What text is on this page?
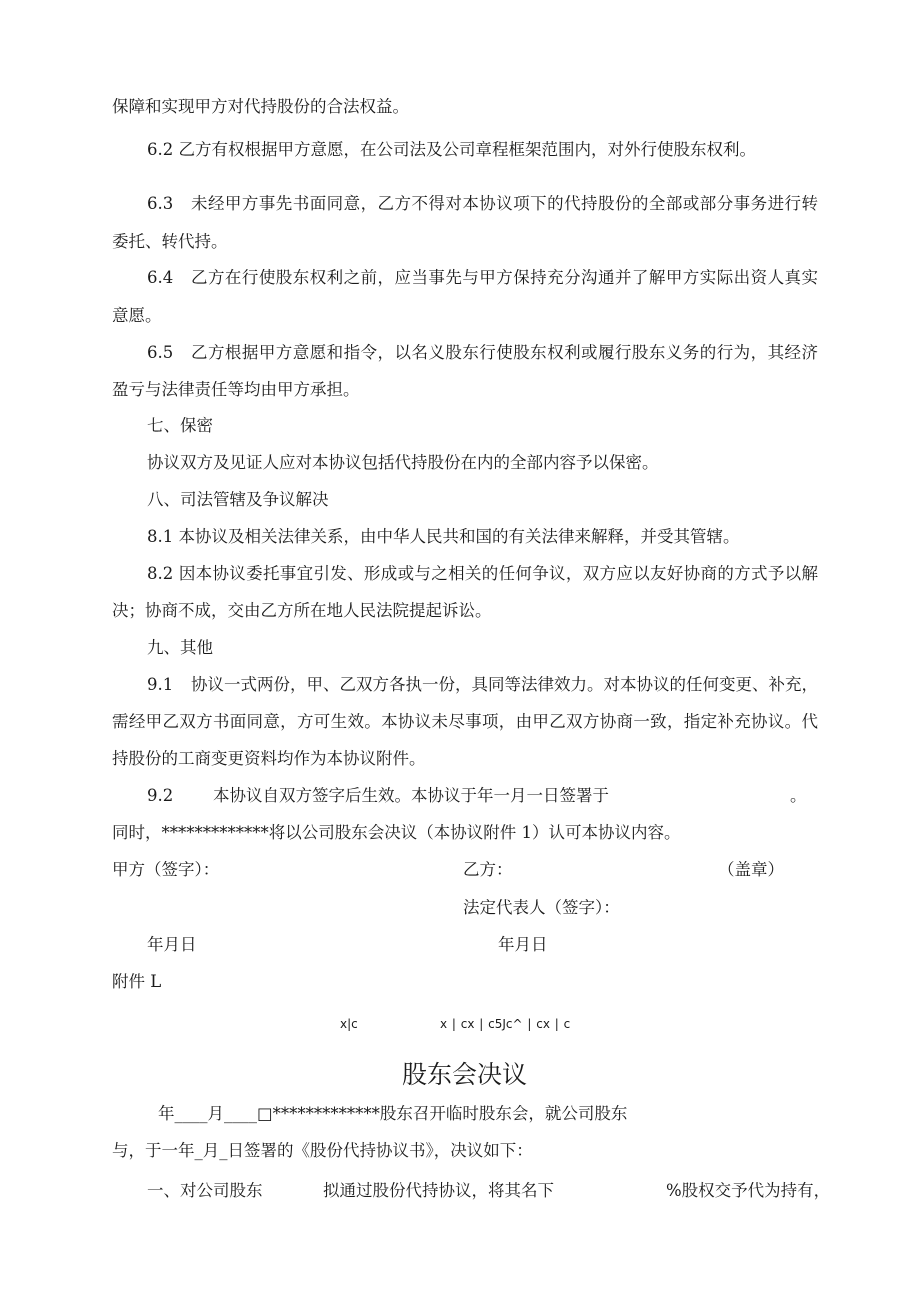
保障和实现甲方对代持股份的合法权益。
6.2 乙方有权根据甲方意愿，在公司法及公司章程框架范围内，对外行使股东权利。
6.3 未经甲方事先书面同意，乙方不得对本协议项下的代持股份的全部或部分事务进行转
委托、转代持。
6.4 乙方在行使股东权利之前，应当事先与甲方保持充分沟通并了解甲方实际出资人真实
意愿。
6.5 乙方根据甲方意愿和指令，以名义股东行使股东权利或履行股东义务的行为，其经济
盈亏与法律责任等均由甲方承担。
七、保密
协议双方及见证人应对本协议包括代持股份在内的全部内容予以保密。
八、司法管辖及争议解决
8.1 本协议及相关法律关系，由中华人民共和国的有关法律来解释，并受其管辖。
8.2 因本协议委托事宜引发、形成或与之相关的任何争议，双方应以友好协商的方式予以解
决；协商不成，交由乙方所在地人民法院提起诉讼。
九、其他
9.1 协议一式两份，甲、乙双方各执一份，具同等法律效力。对本协议的任何变更、补充，
需经甲乙双方书面同意，方可生效。本协议未尽事项，由甲乙双方协商一致，指定补充协议。代
持股份的工商变更资料均作为本协议附件。
9.2 本协议自双方签字后生效。本协议于年一月一日签署于	。
同时，*************将以公司股东会决议（本协议附件 1）认可本协议内容。
甲方（签字）：	乙方：	（盖章）
法定代表人（签字）：
年月日	年月日
附件 L
x|c	x | cx | c5Jc^ | cx | c
股东会决议
年____月____□*************股东召开临时股东会，就公司股东
与，于一年_月_日签署的《股份代持协议书》，决议如下：
一、对公司股东	拟通过股份代持协议，将其名下	%股权交予代为持有，
